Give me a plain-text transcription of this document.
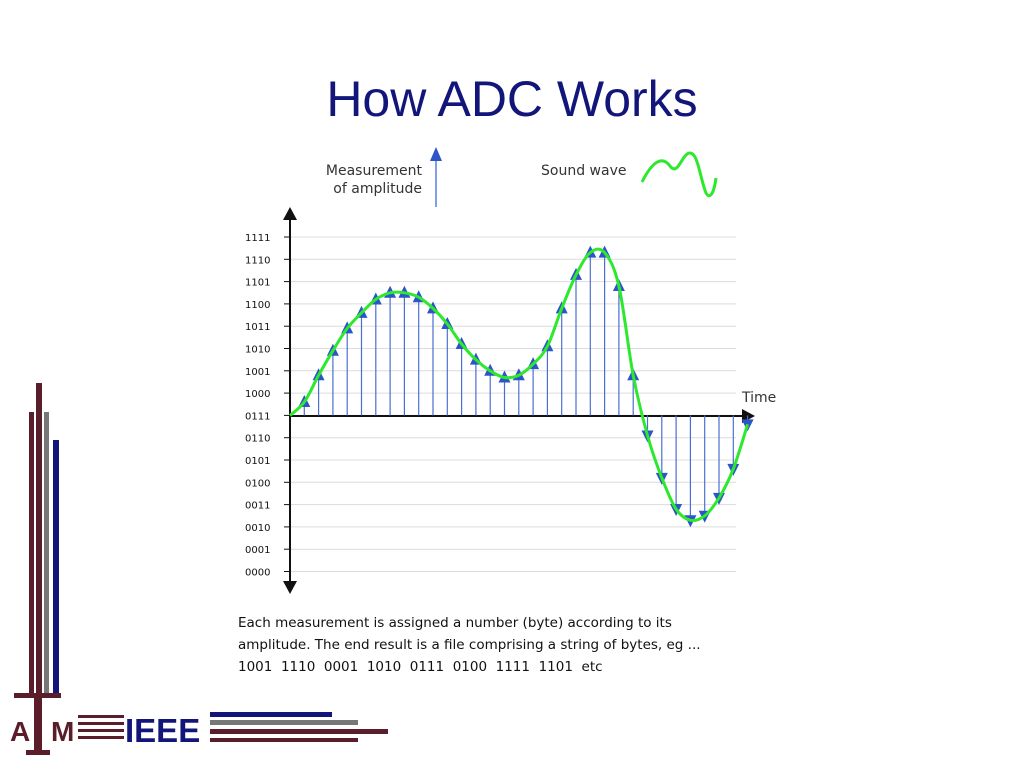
How ADC Works
1111
1110
1101
1100
1011
1010
1001
1000
0111
0110
0101
0100
0011
0010
0001
0000
Time
Measurement
of amplitude
Sound wave
Each measurement is assigned a number (byte) according to its
amplitude. The end result is a file comprising a string of bytes, eg ...
1001  1110  0001  1010  0111  0100  1111  1101  etc
A M IEEE
